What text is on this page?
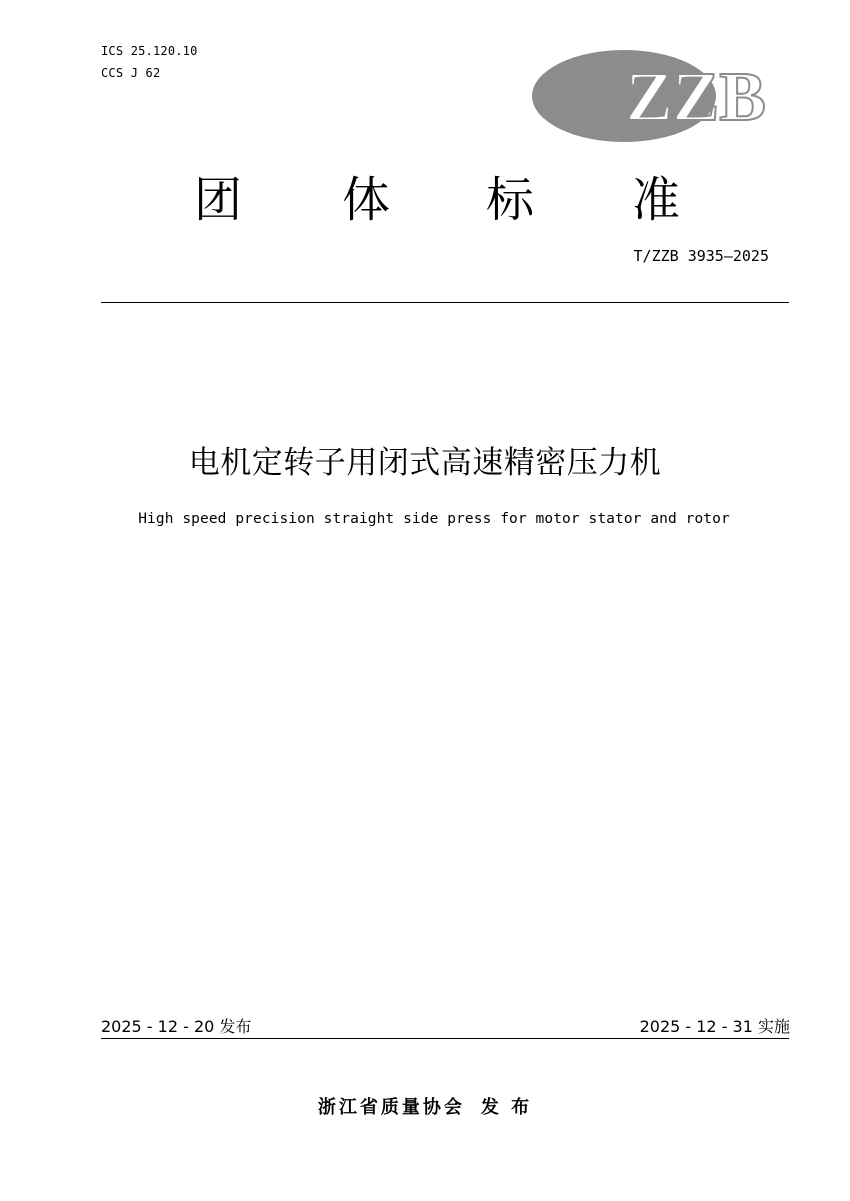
ICS 25.120.10
CCS J 62	ZZB
团 体 标 准
T/ZZB 3935—2025
电机定转子用闭式高速精密压力机
High speed precision straight side press for motor stator and rotor
2025 - 12 - 20 发布	2025 - 12 - 31 实施
浙江省质量协会 发 布
